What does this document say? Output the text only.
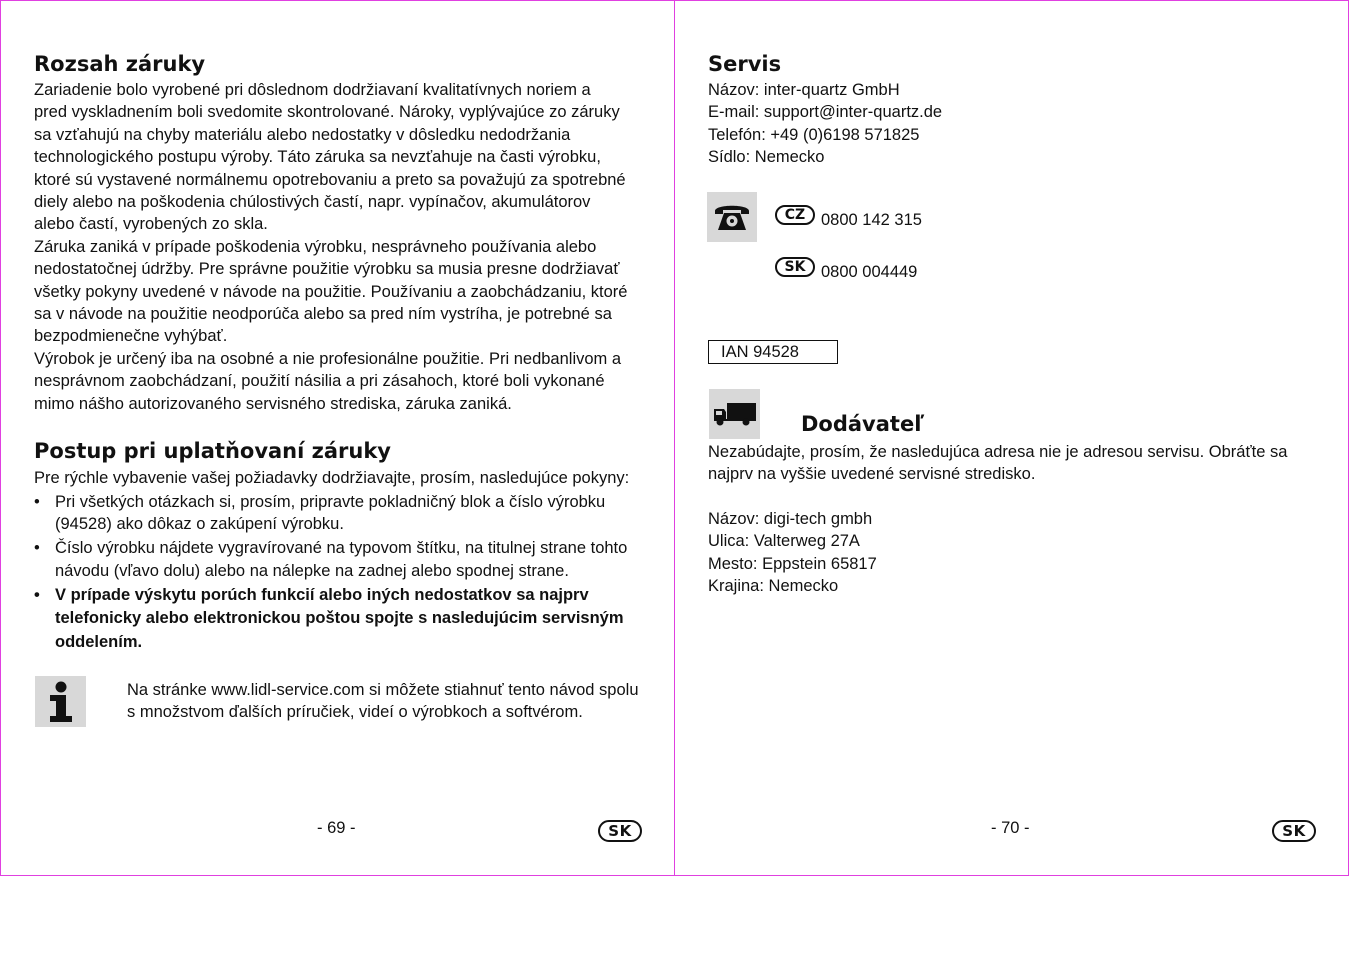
Rozsah záruky
Zariadenie bolo vyrobené pri dôslednom dodržiavaní kvalitatívnych noriem a
pred vyskladnením boli svedomite skontrolované. Nároky, vyplývajúce zo záruky
sa vzťahujú na chyby materiálu alebo nedostatky v dôsledku nedodržania
technologického postupu výroby. Táto záruka sa nevzťahuje na časti výrobku,
ktoré sú vystavené normálnemu opotrebovaniu a preto sa považujú za spotrebné
diely alebo na poškodenia chúlostivých častí, napr. vypínačov, akumulátorov
alebo častí, vyrobených zo skla.
Záruka zaniká v prípade poškodenia výrobku, nesprávneho používania alebo
nedostatočnej údržby. Pre správne použitie výrobku sa musia presne dodržiavať
všetky pokyny uvedené v návode na použitie. Používaniu a zaobchádzaniu, ktoré
sa v návode na použitie neodporúča alebo sa pred ním vystríha, je potrebné sa
bezpodmienečne vyhýbať.
Výrobok je určený iba na osobné a nie profesionálne použitie. Pri nedbanlivom a
nesprávnom zaobchádzaní, použití násilia a pri zásahoch, ktoré boli vykonané
mimo nášho autorizovaného servisného strediska, záruka zaniká.
Postup pri uplatňovaní záruky
Pre rýchle vybavenie vašej požiadavky dodržiavajte, prosím, nasledujúce pokyny:
• Pri všetkých otázkach si, prosím, pripravte pokladničný blok a číslo výrobku
(94528) ako dôkaz o zakúpení výrobku.
• Číslo výrobku nájdete vygravírované na typovom štítku, na titulnej strane tohto
návodu (vľavo dolu) alebo na nálepke na zadnej alebo spodnej strane.
• V prípade výskytu porúch funkcií alebo iných nedostatkov sa najprv
telefonicky alebo elektronickou poštou spojte s nasledujúcim servisným
oddelením.
Na stránke www.lidl-service.com si môžete stiahnuť tento návod spolu
s množstvom ďalších príručiek, videí o výrobkoch a softvérom.
- 69 -	SK
Servis
Názov: inter-quartz GmbH
E-mail: support@inter-quartz.de
Telefón: +49 (0)6198 571825
Sídlo: Nemecko
CZ 0800 142 315
SK 0800 004449
IAN 94528
Dodávateľ
Nezabúdajte, prosím, že nasledujúca adresa nie je adresou servisu. Obráťte sa
najprv na vyššie uvedené servisné stredisko.
Názov: digi-tech gmbh
Ulica: Valterweg 27A
Mesto: Eppstein 65817
Krajina: Nemecko
- 70 -	SK
